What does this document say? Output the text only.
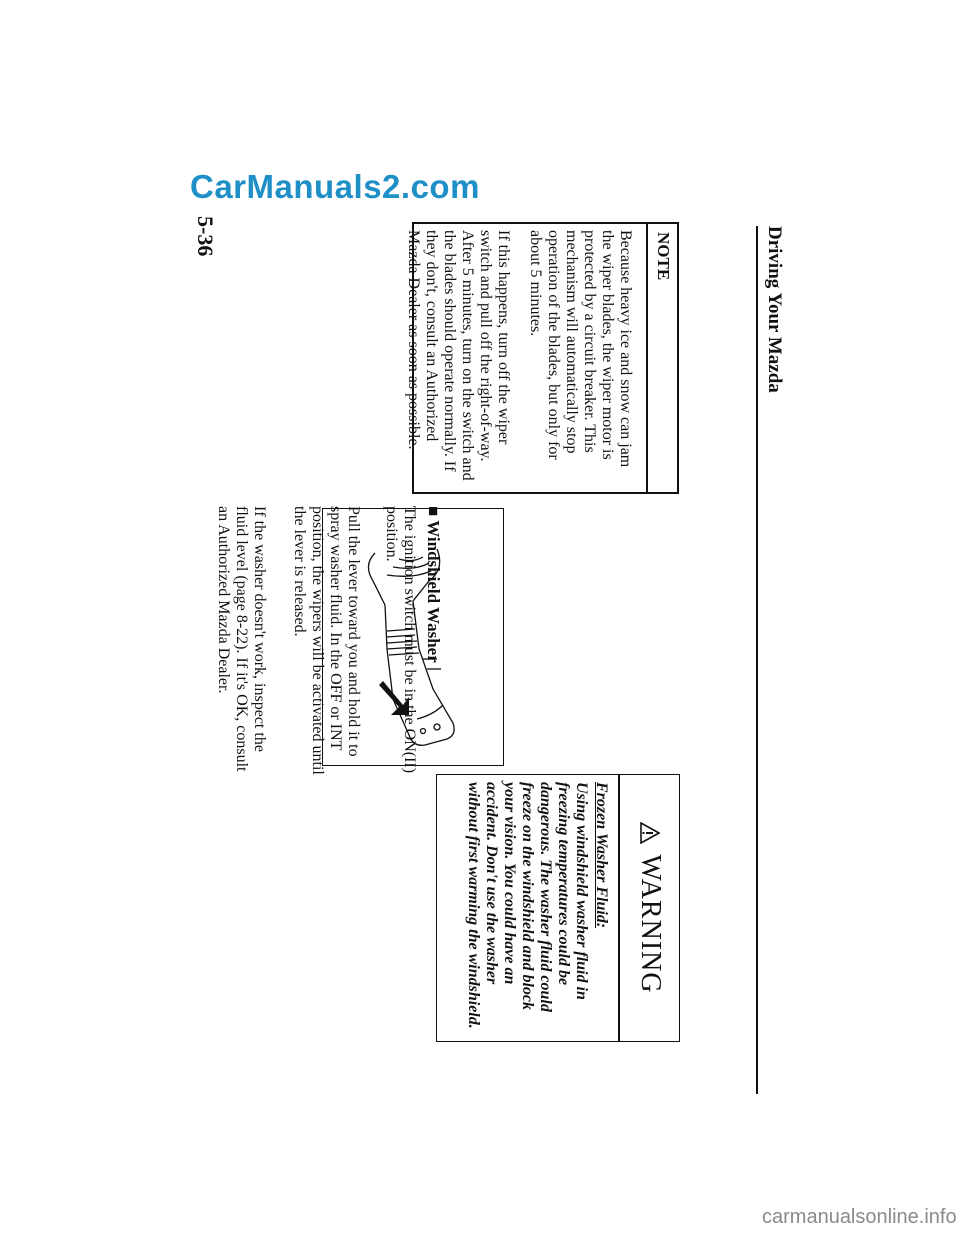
Driving Your Mazda
NOTE

Because heavy ice and snow can jam the wiper blades, the wiper motor is protected by a circuit breaker. This mechanism will automatically stop operation of the blades, but only for about 5 minutes.

If this happens, turn off the wiper switch and pull off the right-of-way. After 5 minutes, turn on the switch and the blades should operate normally. If they don't, consult an Authorized Mazda Dealer as soon as possible.

■ Windshield Washer

The ignition switch must be in the ON(II) position.

WARNING
Frozen Washer Fluid:
Using windshield washer fluid in freezing temperatures could be dangerous. The washer fluid could freeze on the windshield and block your vision. You could have an accident. Don't use the washer without first warming the windshield.
5-36

Pull the lever toward you and hold it to spray washer fluid. In the OFF or INT position, the wipers will be activated until the lever is released.

If the washer doesn't work, inspect the fluid level (page 8-22). If it's OK, consult an Authorized Mazda Dealer.

CarManuals2.com
carmanualsonline.info
